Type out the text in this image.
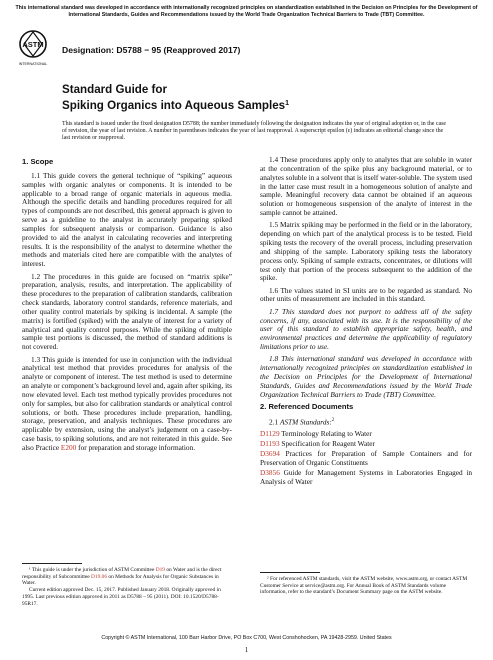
This international standard was developed in accordance with internationally recognized principles on standardization established in the Decision on Principles for the Development of International Standards, Guides and Recommendations issued by the World Trade Organization Technical Barriers to Trade (TBT) Committee.
ASTM
INTERNATIONAL
Designation: D5788 − 95 (Reapproved 2017)
Standard Guide for
Spiking Organics into Aqueous Samples$^1$
This standard is issued under the fixed designation D5788; the number immediately following the designation indicates the year of original adoption or, in the case of revision, the year of last revision. A number in parentheses indicates the year of last reapproval. A superscript epsilon (ε) indicates an editorial change since the last revision or reapproval.
1. Scope

1.1 This guide covers the general technique of “spiking” aqueous samples with organic analytes or components. It is intended to be applicable to a broad range of organic materials in aqueous media. Although the specific details and handling procedures required for all types of compounds are not described, this general approach is given to serve as a guideline to the analyst in accurately preparing spiked samples for subsequent analysis or comparison. Guidance is also provided to aid the analyst in calculating recoveries and interpreting results. It is the responsibility of the analyst to determine whether the methods and materials cited here are compatible with the analytes of interest.

1.2 The procedures in this guide are focused on “matrix spike” preparation, analysis, results, and interpretation. The applicability of these procedures to the preparation of calibration standards, calibration check standards, laboratory control standards, reference materials, and other quality control materials by spiking is incidental. A sample (the matrix) is fortified (spiked) with the analyte of interest for a variety of analytical and quality control purposes. While the spiking of multiple sample test portions is discussed, the method of standard additions is not covered.

1.3 This guide is intended for use in conjunction with the individual analytical test method that provides procedures for analysis of the analyte or component of interest. The test method is used to determine an analyte or component’s background level and, again after spiking, its now elevated level. Each test method typically provides procedures not only for samples, but also for calibration standards or analytical control solutions, or both. These procedures include preparation, handling, storage, preservation, and analysis techniques. These procedures are applicable by extension, using the analyst’s judgement on a case-by-case basis, to spiking solutions, and are not reiterated in this guide. See also Practice E200 for preparation and storage information.

1.4 These procedures apply only to analytes that are soluble in water at the concentration of the spike plus any background material, or to analytes soluble in a solvent that is itself water-soluble. The system used in the latter case must result in a homogeneous solution of analyte and sample. Meaningful recovery data cannot be obtained if an aqueous solution or homogeneous suspension of the analyte of interest in the sample cannot be attained.

1.5 Matrix spiking may be performed in the field or in the laboratory, depending on which part of the analytical process is to be tested. Field spiking tests the recovery of the overall process, including preservation and shipping of the sample. Laboratory spiking tests the laboratory process only. Spiking of sample extracts, concentrates, or dilutions will test only that portion of the process subsequent to the addition of the spike.

1.6 The values stated in SI units are to be regarded as standard. No other units of measurement are included in this standard.

1.7 This standard does not purport to address all of the safety concerns, if any, associated with its use. It is the responsibility of the user of this standard to establish appropriate safety, health, and environmental practices and determine the applicability of regulatory limitations prior to use.

1.8 This international standard was developed in accordance with internationally recognized principles on standardization established in the Decision on Principles for the Development of International Standards, Guides and Recommendations issued by the World Trade Organization Technical Barriers to Trade (TBT) Committee.

2. Referenced Documents

2.1 ASTM Standards:$^2$

D1129 Terminology Relating to Water

D1193 Specification for Reagent Water

D3694 Practices for Preparation of Sample Containers and for Preservation of Organic Constituents

D3856 Guide for Management Systems in Laboratories Engaged in Analysis of Water

¹ This guide is under the jurisdiction of ASTM Committee D19 on Water and is the direct responsibility of Subcommittee D19.06 on Methods for Analysis for Organic Substances in Water.

Current edition approved Dec. 15, 2017. Published January 2018. Originally approved in 1995. Last previous edition approved in 2011 as D5788 – 95 (2011). DOI: 10.1520/D5788-95R17.

² For referenced ASTM standards, visit the ASTM website, www.astm.org, or contact ASTM Customer Service at service@astm.org. For Annual Book of ASTM Standards volume information, refer to the standard’s Document Summary page on the ASTM website.

Copyright © ASTM International, 100 Barr Harbor Drive, PO Box C700, West Conshohocken, PA 19428-2959. United States
1
